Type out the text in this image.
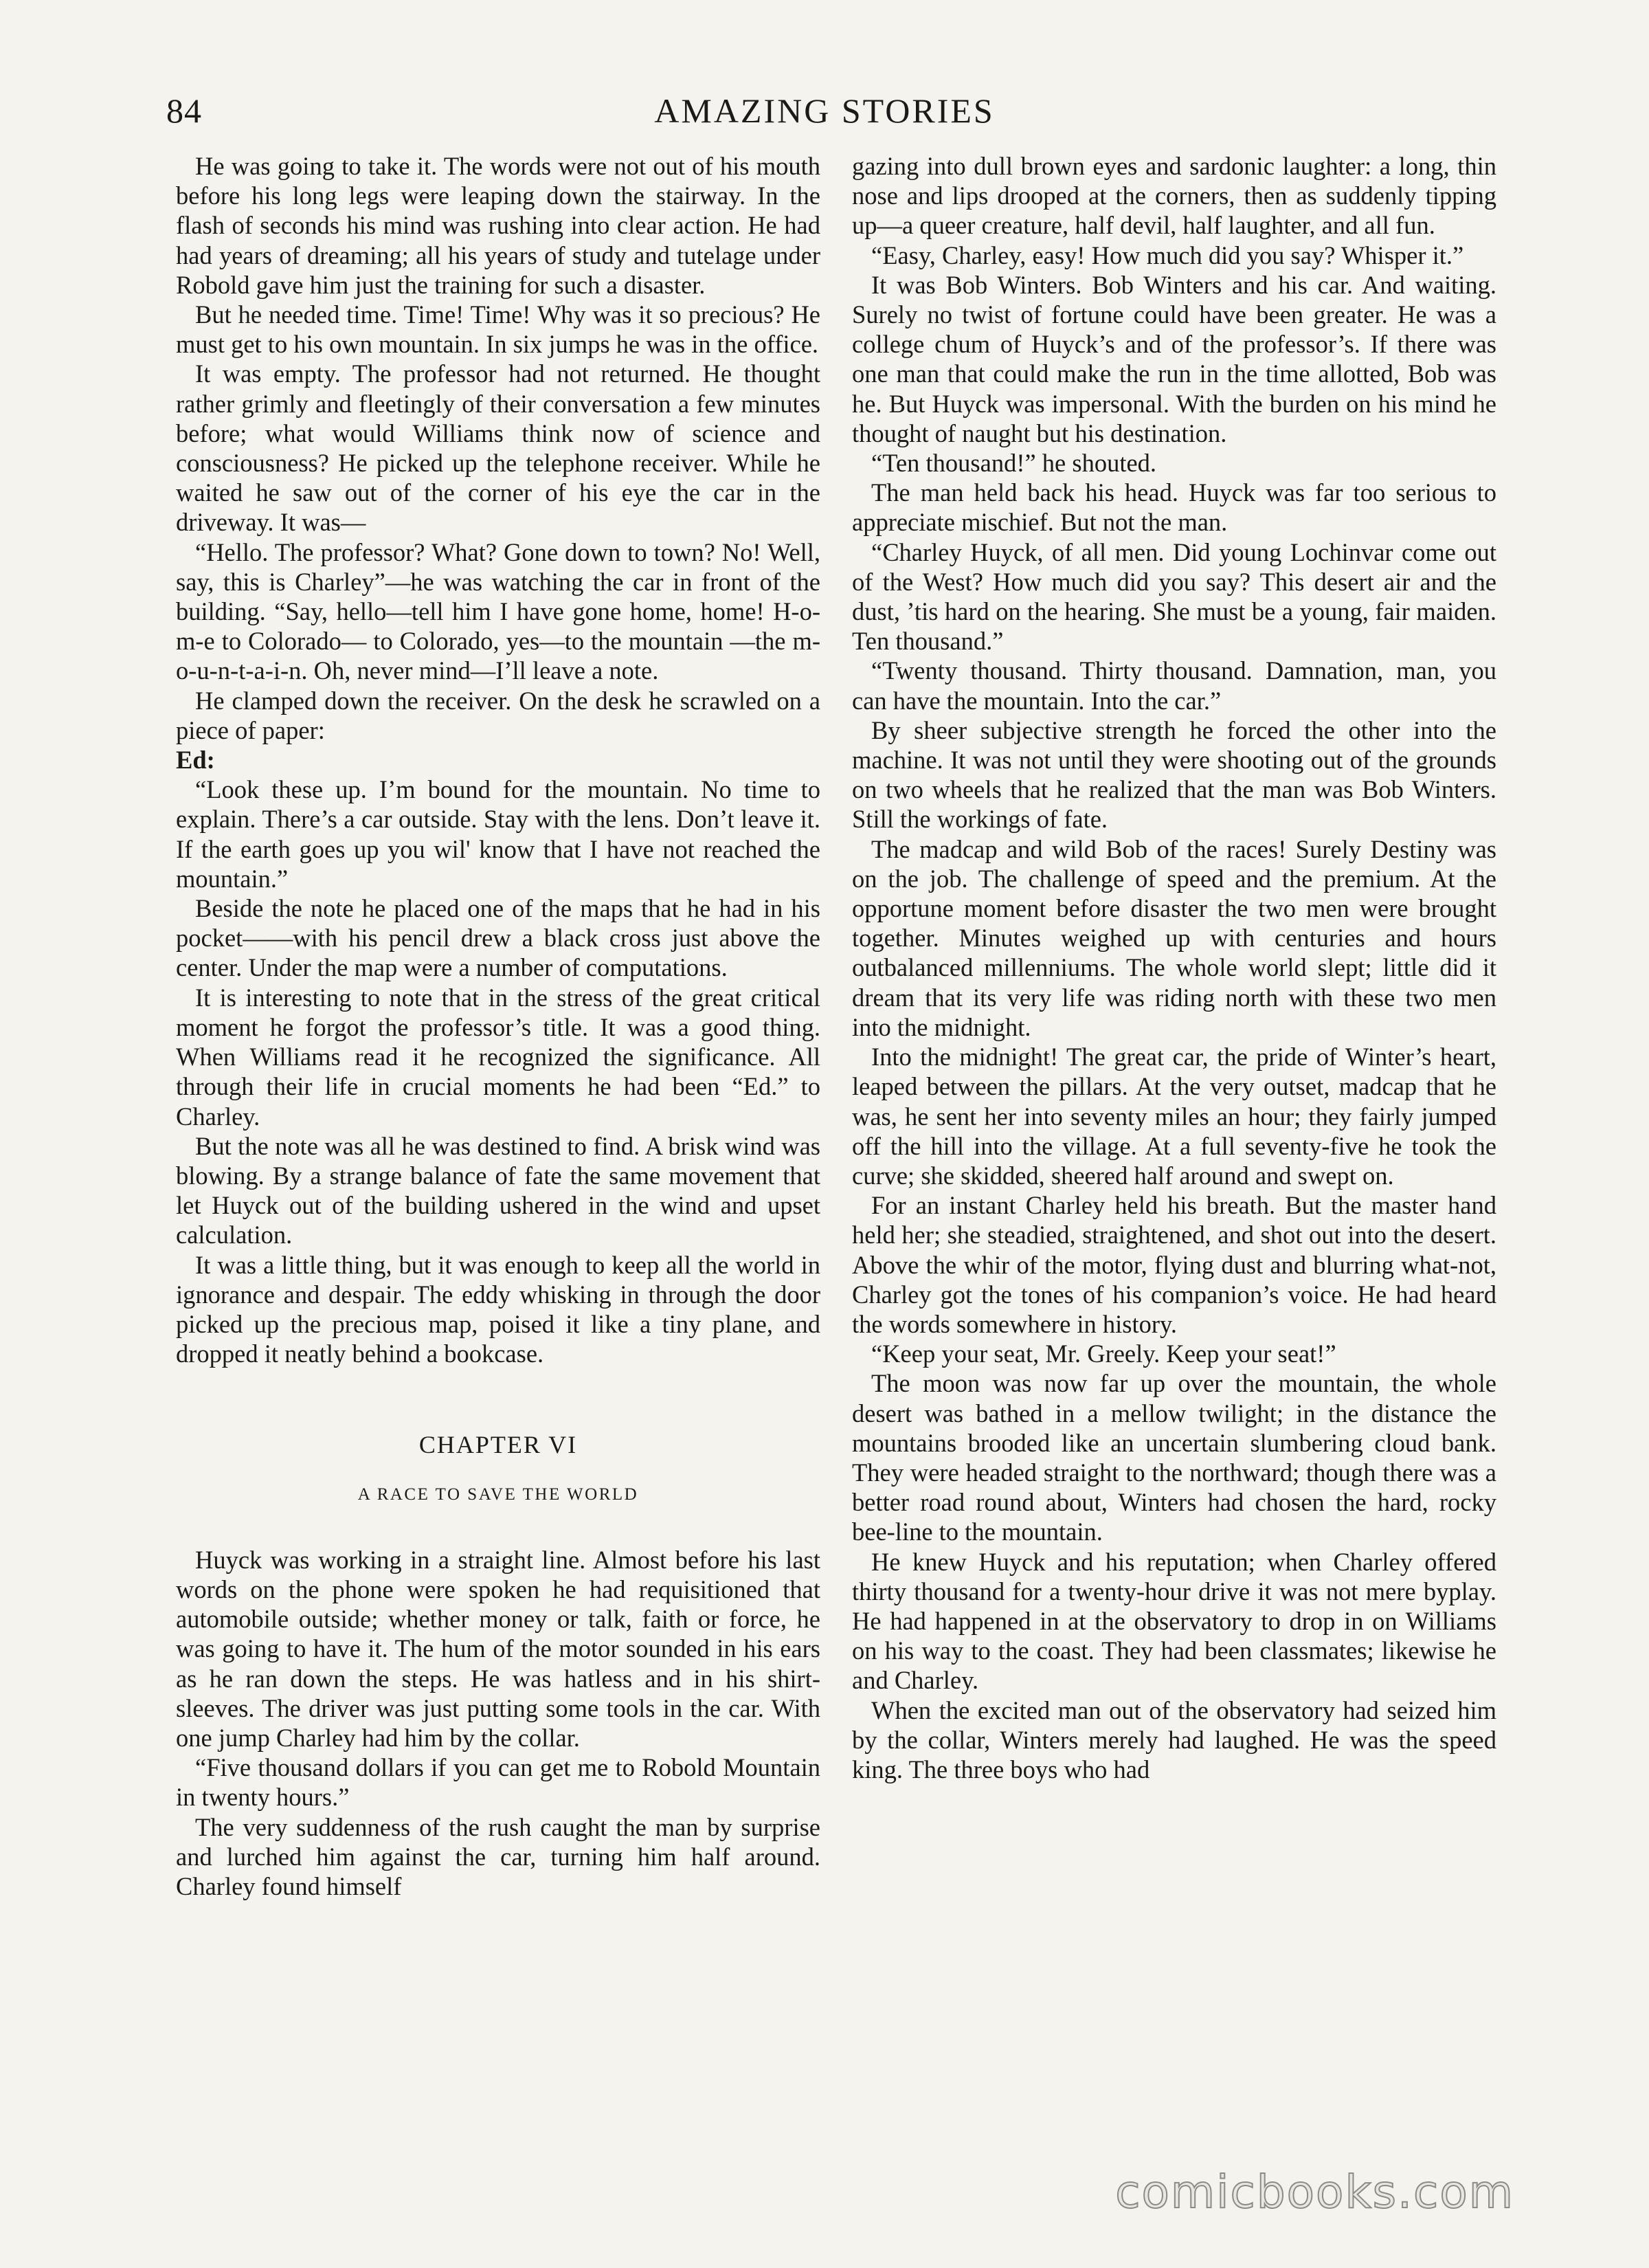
84	AMAZING STORIES

He was going to take it. The words were not out of his mouth before his long legs were leaping down the stairway. In the flash of seconds his mind was rushing into clear action. He had had years of dreaming; all his years of study and tutelage under Robold gave him just the training for such a disaster.

But he needed time. Time! Time! Why was it so precious? He must get to his own mountain. In six jumps he was in the office.

It was empty. The professor had not returned. He thought rather grimly and fleetingly of their conversation a few minutes before; what would Williams think now of science and consciousness? He picked up the telephone receiver. While he waited he saw out of the corner of his eye the car in the driveway. It was—

“Hello. The professor? What? Gone down to town? No! Well, say, this is Charley”—he was watching the car in front of the building. “Say, hello—tell him I have gone home, home! H-o-m-e to Colorado— to Colorado, yes—to the mountain —the m-o-u-n-t-a-i-n. Oh, never mind—I’ll leave a note.

He clamped down the receiver. On the desk he scrawled on a piece of paper:

Ed:

“Look these up. I’m bound for the mountain. No time to explain. There’s a car outside. Stay with the lens. Don’t leave it. If the earth goes up you wil' know that I have not reached the mountain.”

Beside the note he placed one of the maps that he had in his pocket——with his pencil drew a black cross just above the center. Under the map were a number of computations.

It is interesting to note that in the stress of the great critical moment he forgot the professor’s title. It was a good thing. When Williams read it he recognized the significance. All through their life in crucial moments he had been “Ed.” to Charley.

But the note was all he was destined to find. A brisk wind was blowing. By a strange balance of fate the same movement that let Huyck out of the building ushered in the wind and upset calculation.

It was a little thing, but it was enough to keep all the world in ignorance and despair. The eddy whisking in through the door picked up the precious map, poised it like a tiny plane, and dropped it neatly behind a bookcase.

CHAPTER VI
A RACE TO SAVE THE WORLD

Huyck was working in a straight line. Almost before his last words on the phone were spoken he had requisitioned that automobile outside; whether money or talk, faith or force, he was going to have it. The hum of the motor sounded in his ears as he ran down the steps. He was hatless and in his shirt-sleeves. The driver was just putting some tools in the car. With one jump Charley had him by the collar.

“Five thousand dollars if you can get me to Robold Mountain in twenty hours.”

The very suddenness of the rush caught the man by surprise and lurched him against the car, turning him half around. Charley found himself

gazing into dull brown eyes and sardonic laughter: a long, thin nose and lips drooped at the corners, then as suddenly tipping up—a queer creature, half devil, half laughter, and all fun.

“Easy, Charley, easy! How much did you say? Whisper it.”

It was Bob Winters. Bob Winters and his car. And waiting. Surely no twist of fortune could have been greater. He was a college chum of Huyck’s and of the professor’s. If there was one man that could make the run in the time allotted, Bob was he. But Huyck was impersonal. With the burden on his mind he thought of naught but his destination.

“Ten thousand!” he shouted.

The man held back his head. Huyck was far too serious to appreciate mischief. But not the man.

“Charley Huyck, of all men. Did young Lochinvar come out of the West? How much did you say? This desert air and the dust, ’tis hard on the hearing. She must be a young, fair maiden. Ten thousand.”

“Twenty thousand. Thirty thousand. Damnation, man, you can have the mountain. Into the car.”

By sheer subjective strength he forced the other into the machine. It was not until they were shooting out of the grounds on two wheels that he realized that the man was Bob Winters. Still the workings of fate.

The madcap and wild Bob of the races! Surely Destiny was on the job. The challenge of speed and the premium. At the opportune moment before disaster the two men were brought together. Minutes weighed up with centuries and hours outbalanced millenniums. The whole world slept; little did it dream that its very life was riding north with these two men into the midnight.

Into the midnight! The great car, the pride of Winter’s heart, leaped between the pillars. At the very outset, madcap that he was, he sent her into seventy miles an hour; they fairly jumped off the hill into the village. At a full seventy-five he took the curve; she skidded, sheered half around and swept on.

For an instant Charley held his breath. But the master hand held her; she steadied, straightened, and shot out into the desert. Above the whir of the motor, flying dust and blurring what-not, Charley got the tones of his companion’s voice. He had heard the words somewhere in history.

“Keep your seat, Mr. Greely. Keep your seat!”

The moon was now far up over the mountain, the whole desert was bathed in a mellow twilight; in the distance the mountains brooded like an uncertain slumbering cloud bank. They were headed straight to the northward; though there was a better road round about, Winters had chosen the hard, rocky bee-line to the mountain.

He knew Huyck and his reputation; when Charley offered thirty thousand for a twenty-hour drive it was not mere byplay. He had happened in at the observatory to drop in on Williams on his way to the coast. They had been classmates; likewise he and Charley.

When the excited man out of the observatory had seized him by the collar, Winters merely had laughed. He was the speed king. The three boys who had

comicbooks.com
